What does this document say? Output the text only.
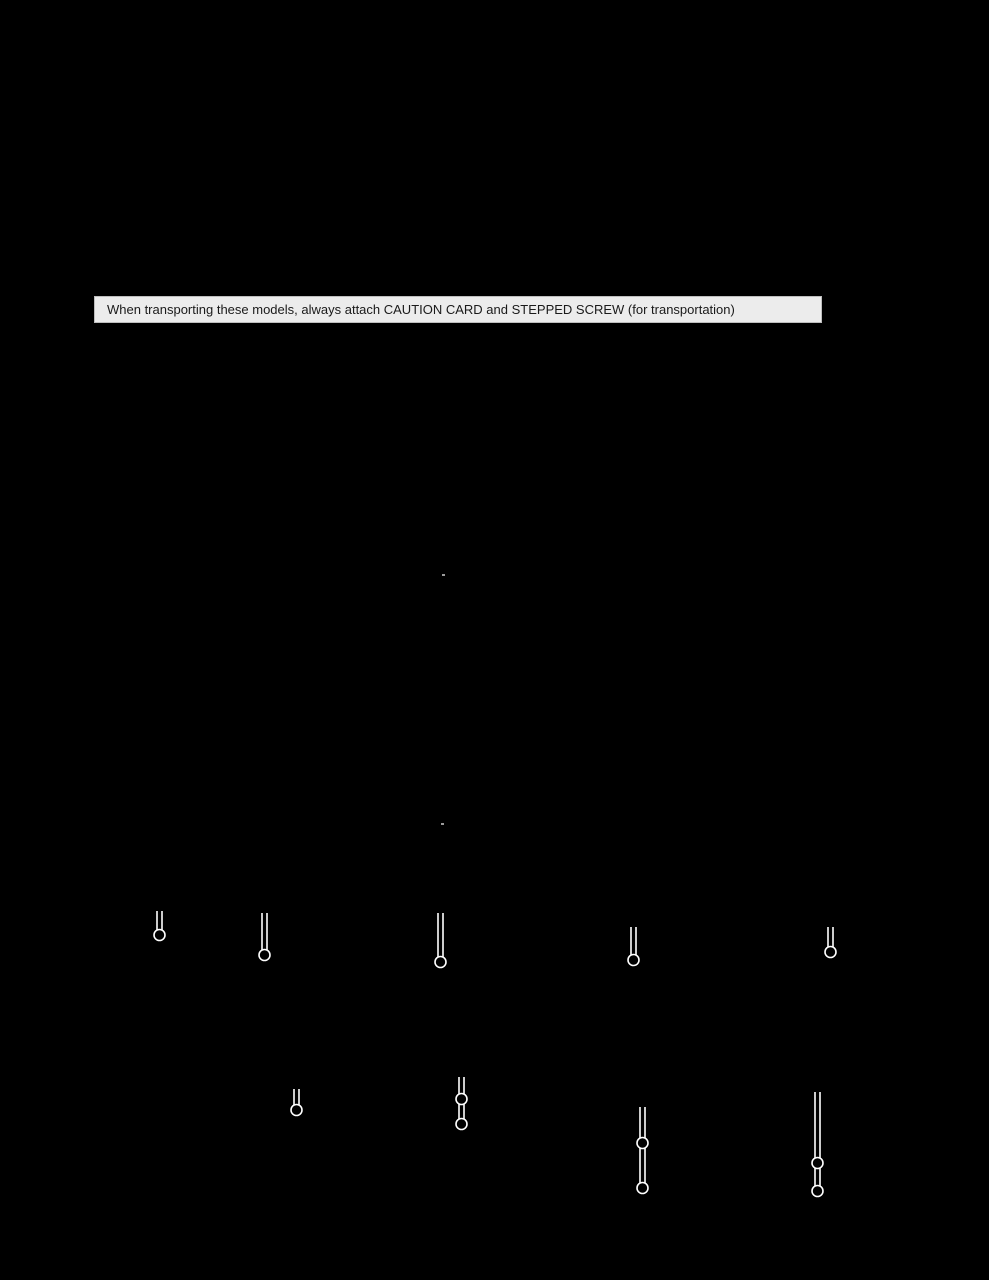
When transporting these models, always attach CAUTION CARD and STEPPED SCREW (for transportation)
